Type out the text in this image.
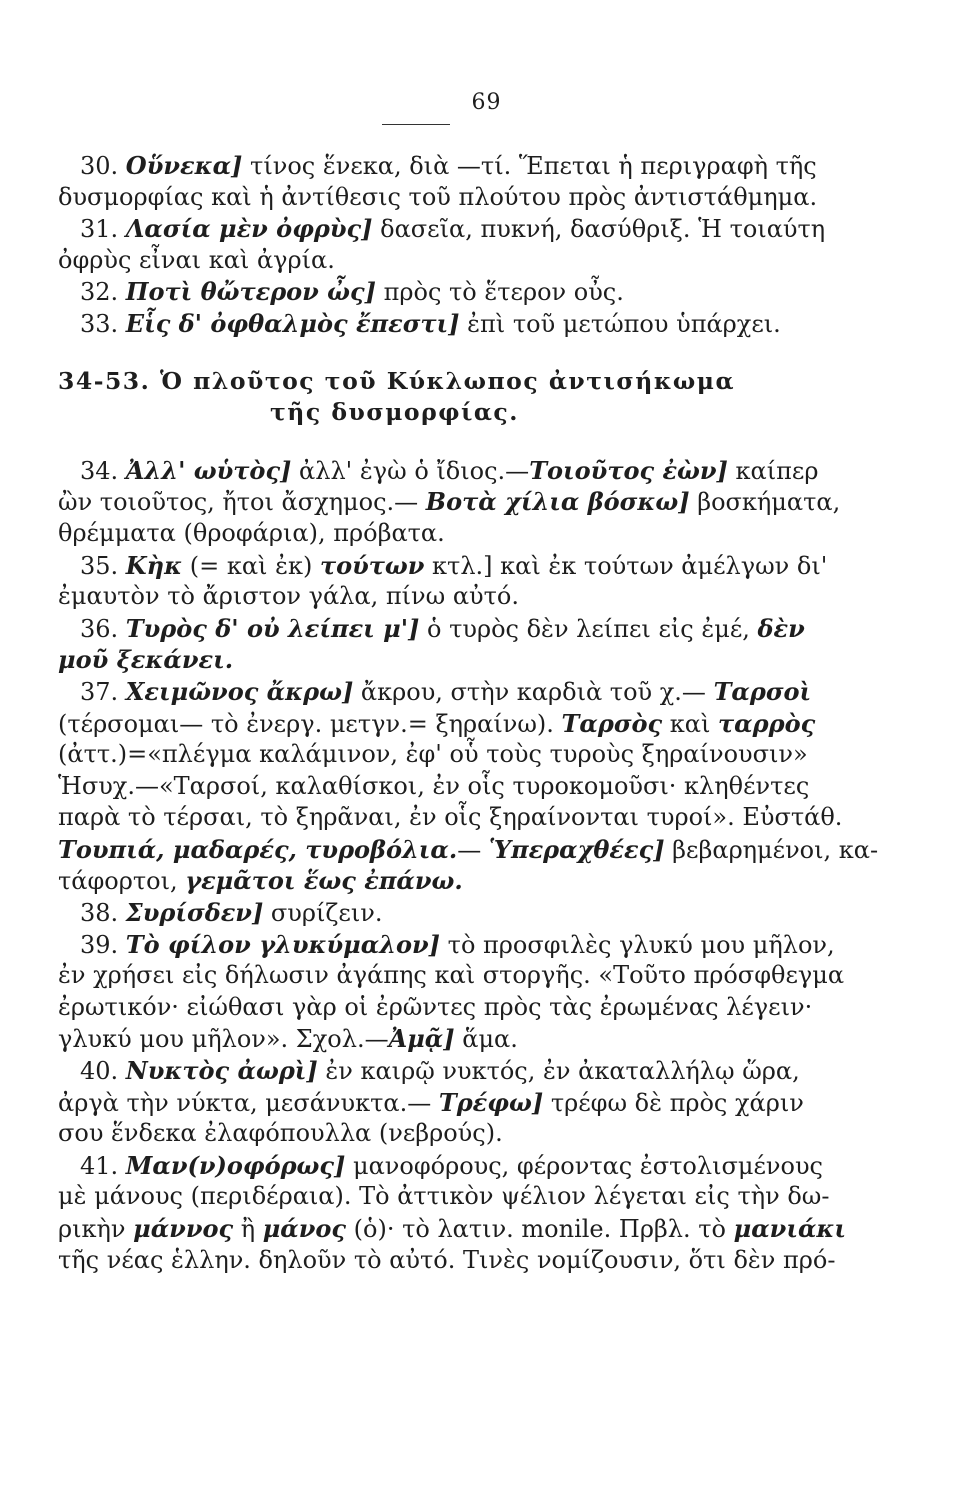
69
30. Οὕνεκα] τίνος ἕνεκα, διὰ —τί. Ἕπεται ἡ περιγραφὴ τῆς
δυσμορφίας καὶ ἡ ἀντίθεσις τοῦ πλούτου πρὸς ἀντιστάθμημα.
31. Λασία μὲν ὀφρὺς] δασεῖα, πυκνή, δασύθριξ. Ἡ τοιαύτη
ὀφρὺς εἶναι καὶ ἀγρία.
32. Ποτὶ θὤτερον ὦς] πρὸς τὸ ἕτερον οὖς.
33. Εἷς δ' ὀφθαλμὸς ἔπεστι] ἐπὶ τοῦ μετώπου ὑπάρχει.
34-53. Ὁ πλοῦτος τοῦ Κύκλωπος ἀντισήκωμα
τῆς δυσμορφίας.
34. Ἀλλ' ωὑτὸς] ἀλλ' ἐγὼ ὁ ἴδιος.—Τοιοῦτος ἐὼν] καίπερ
ὢν τοιοῦτος, ἤτοι ἄσχημος.— Βοτὰ χίλια βόσκω] βοσκήματα,
θρέμματα (θροφάρια), πρόβατα.
35. Κὴκ (= καὶ ἐκ) τούτων κτλ.] καὶ ἐκ τούτων ἀμέλγων δι'
ἐμαυτὸν τὸ ἄριστον γάλα, πίνω αὐτό.
36. Τυρὸς δ' οὐ λείπει μ'] ὁ τυρὸς δὲν λείπει εἰς ἐμέ, δὲν
μοῦ ξεκάνει.
37. Χειμῶνος ἄκρω] ἄκρου, στὴν καρδιὰ τοῦ χ.— Ταρσοὶ
(τέρσομαι— τὸ ἐνεργ. μετγν.= ξηραίνω). Ταρσὸς καὶ ταρρὸς
(ἀττ.)=«πλέγμα καλάμινον, ἐφ' οὗ τοὺς τυροὺς ξηραίνουσιν»
Ἡσυχ.—«Ταρσοί, καλαθίσκοι, ἐν οἷς τυροκομοῦσι· κληθέντες
παρὰ τὸ τέρσαι, τὸ ξηρᾶναι, ἐν οἷς ξηραίνονται τυροί». Εὐστάθ.
Τουπιά, μαδαρές, τυροβόλια.— Ὑπεραχθέες] βεβαρημένοι, κα-
τάφορτοι, γεμᾶτοι ἕως ἐπάνω.
38. Συρίσδεν] συρίζειν.
39. Τὸ φίλον γλυκύμαλον] τὸ προσφιλὲς γλυκύ μου μῆλον,
ἐν χρήσει εἰς δήλωσιν ἀγάπης καὶ στοργῆς. «Τοῦτο πρόσφθεγμα
ἐρωτικόν· εἰώθασι γὰρ οἱ ἐρῶντες πρὸς τὰς ἐρωμένας λέγειν·
γλυκύ μου μῆλον». Σχολ.—Ἀμᾷ] ἅμα.
40. Νυκτὸς ἀωρὶ] ἐν καιρῷ νυκτός, ἐν ἀκαταλλήλῳ ὥρα,
ἀργὰ τὴν νύκτα, μεσάνυκτα.— Τρέφω] τρέφω δὲ πρὸς χάριν
σου ἕνδεκα ἐλαφόπουλλα (νεβρούς).
41. Μαν(ν)οφόρως] μανοφόρους, φέροντας ἐστολισμένους
μὲ μάνους (περιδέραια). Τὸ ἀττικὸν ψέλιον λέγεται εἰς τὴν δω-
ρικὴν μάννος ἢ μάνος (ὁ)· τὸ λατιν. monile. Πρβλ. τὸ μανιάκι
τῆς νέας ἑλλην. δηλοῦν τὸ αὐτό. Τινὲς νομίζουσιν, ὅτι δὲν πρό-
